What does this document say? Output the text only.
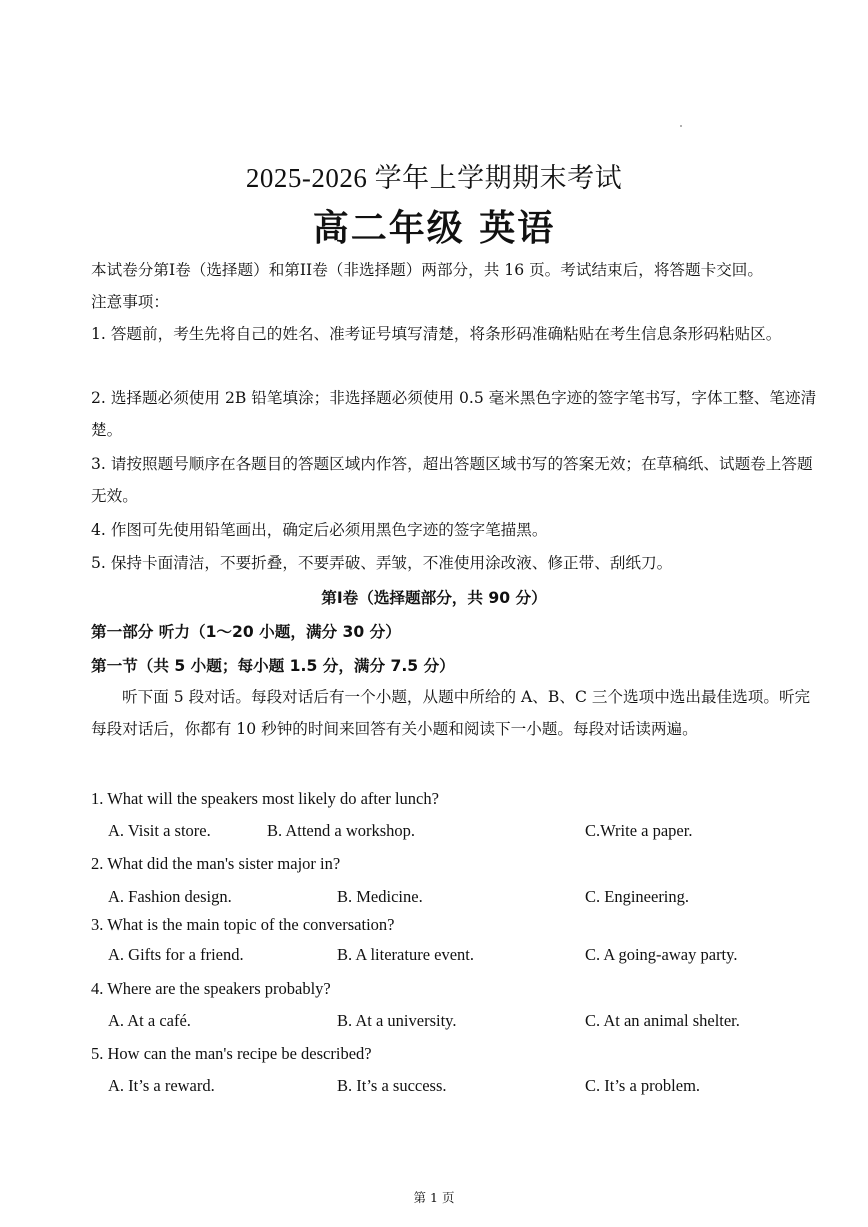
2025-2026 学年上学期期末考试
高二年级 英语
本试卷分第I卷（选择题）和第II卷（非选择题）两部分，共 16 页。考试结束后，将答题卡交回。
注意事项：
1. 答题前，考生先将自己的姓名、准考证号填写清楚，将条形码准确粘贴在考生信息条形码粘贴区。
2. 选择题必须使用 2B 铅笔填涂；非选择题必须使用 0.5 毫米黑色字迹的签字笔书写，字体工整、笔迹清楚。
3. 请按照题号顺序在各题目的答题区域内作答，超出答题区域书写的答案无效；在草稿纸、试题卷上答题无效。
4. 作图可先使用铅笔画出，确定后必须用黑色字迹的签字笔描黑。
5. 保持卡面清洁，不要折叠，不要弄破、弄皱，不准使用涂改液、修正带、刮纸刀。
第I卷（选择题部分，共 90 分）
第一部分 听力（1～20 小题，满分 30 分）
第一节（共 5 小题；每小题 1.5 分，满分 7.5 分）
听下面 5 段对话。每段对话后有一个小题，从题中所给的 A、B、C 三个选项中选出最佳选项。听完每段对话后，你都有 10 秒钟的时间来回答有关小题和阅读下一小题。每段对话读两遍。
1. What will the speakers most likely do after lunch?
A. Visit a store.	B. Attend a workshop.	C.Write a paper.
2. What did the man's sister major in?
A. Fashion design.	B. Medicine.	C. Engineering.
3. What is the main topic of the conversation?
A. Gifts for a friend.	B. A literature event.	C. A going-away party.
4. Where are the speakers probably?
A. At a café.	B. At a university.	C. At an animal shelter.
5. How can the man's recipe be described?
A. It’s a reward.	B. It’s a success.	C. It’s a problem.
第 1 页
